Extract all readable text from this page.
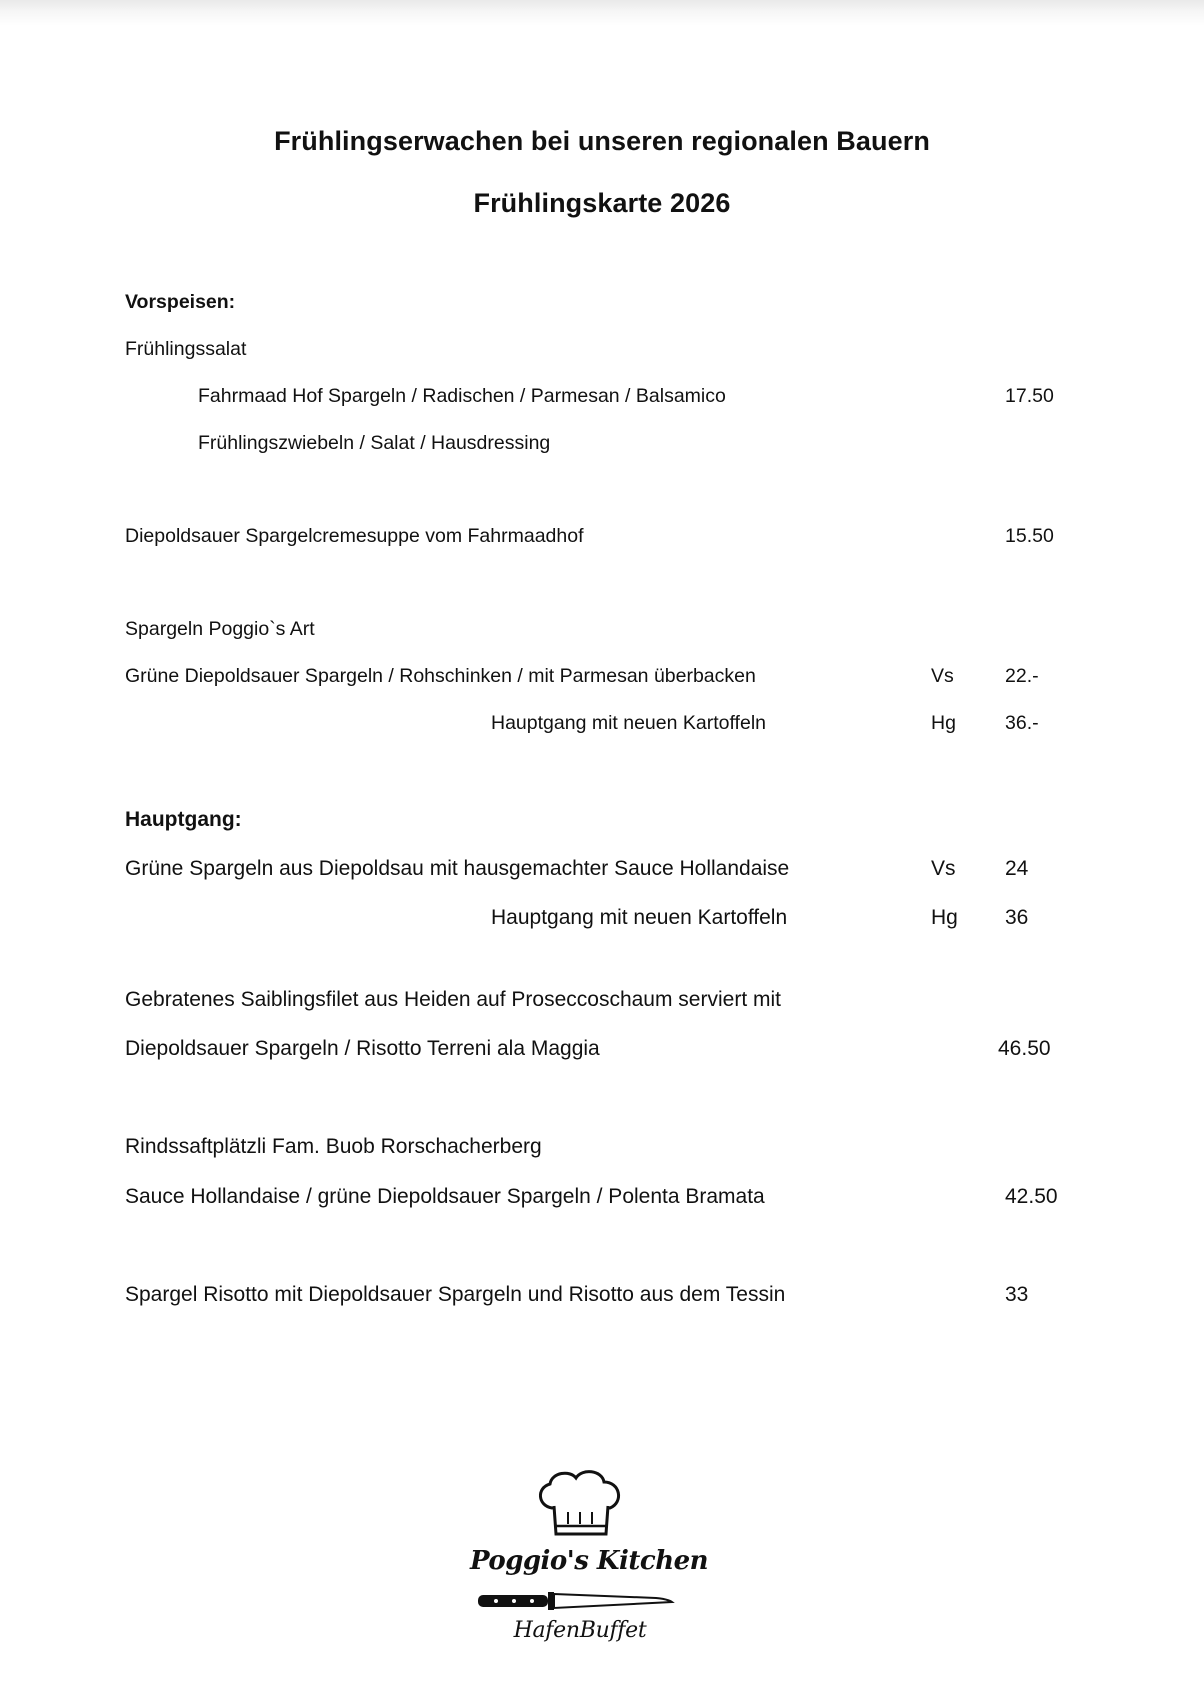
Frühlingserwachen bei unseren regionalen Bauern
Frühlingskarte 2026
Vorspeisen:
Frühlingssalat
Fahrmaad Hof Spargeln / Radischen / Parmesan / Balsamico	17.50
Frühlingszwiebeln / Salat / Hausdressing
Diepoldsauer Spargelcremesuppe vom Fahrmaadhof	15.50
Spargeln Poggio`s Art
Grüne Diepoldsauer Spargeln / Rohschinken / mit Parmesan überbacken	Vs	22.-
Hauptgang mit neuen Kartoffeln	Hg	36.-
Hauptgang:
Grüne Spargeln aus Diepoldsau mit hausgemachter Sauce Hollandaise	Vs 24
Hauptgang mit neuen Kartoffeln	Hg 36
Gebratenes Saiblingsfilet aus Heiden auf Proseccoschaum serviert mit
Diepoldsauer Spargeln / Risotto Terreni ala Maggia	46.50
Rindssaftplätzli Fam. Buob Rorschacherberg
Sauce Hollandaise / grüne Diepoldsauer Spargeln / Polenta Bramata	42.50
Spargel Risotto mit Diepoldsauer Spargeln und Risotto aus dem Tessin	33
Poggio's Kitchen
HafenBuffet
